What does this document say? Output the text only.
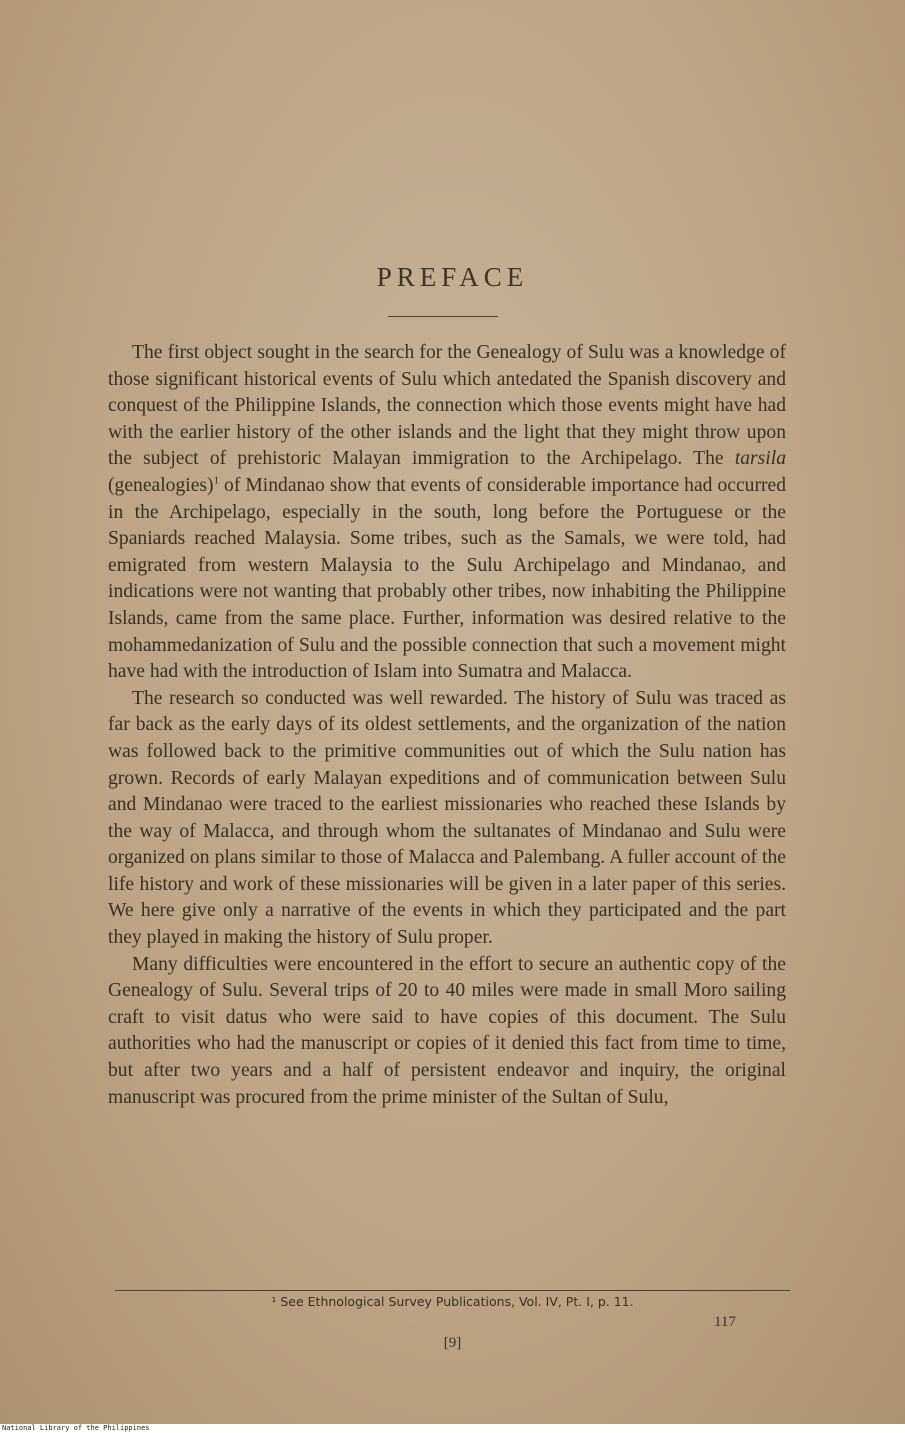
PREFACE

The first object sought in the search for the Genealogy of Sulu was a knowledge of those significant historical events of Sulu which antedated the Spanish discovery and conquest of the Philippine Islands, the connection which those events might have had with the earlier history of the other islands and the light that they might throw upon the subject of prehistoric Malayan immigration to the Archipelago. The tarsila (genealogies)$^1$ of Mindanao show that events of considerable importance had occurred in the Archipelago, especially in the south, long before the Portuguese or the Spaniards reached Malaysia. Some tribes, such as the Samals, we were told, had emigrated from western Malaysia to the Sulu Archipelago and Mindanao, and indications were not wanting that probably other tribes, now inhabiting the Philippine Islands, came from the same place. Further, information was desired relative to the mohammedanization of Sulu and the possible connection that such a movement might have had with the introduction of Islam into Sumatra and Malacca.

The research so conducted was well rewarded. The history of Sulu was traced as far back as the early days of its oldest settlements, and the organization of the nation was followed back to the primitive communities out of which the Sulu nation has grown. Records of early Malayan expeditions and of communication between Sulu and Mindanao were traced to the earliest missionaries who reached these Islands by the way of Malacca, and through whom the sultanates of Mindanao and Sulu were organized on plans similar to those of Malacca and Palembang. A fuller account of the life history and work of these missionaries will be given in a later paper of this series. We here give only a narrative of the events in which they participated and the part they played in making the history of Sulu proper.

Many difficulties were encountered in the effort to secure an authentic copy of the Genealogy of Sulu. Several trips of 20 to 40 miles were made in small Moro sailing craft to visit datus who were said to have copies of this document. The Sulu authorities who had the manuscript or copies of it denied this fact from time to time, but after two years and a half of persistent endeavor and inquiry, the original manuscript was procured from the prime minister of the Sultan of Sulu,

¹ See Ethnological Survey Publications, Vol. IV, Pt. I, p. 11.
117
[9]
National Library of the Philippines
